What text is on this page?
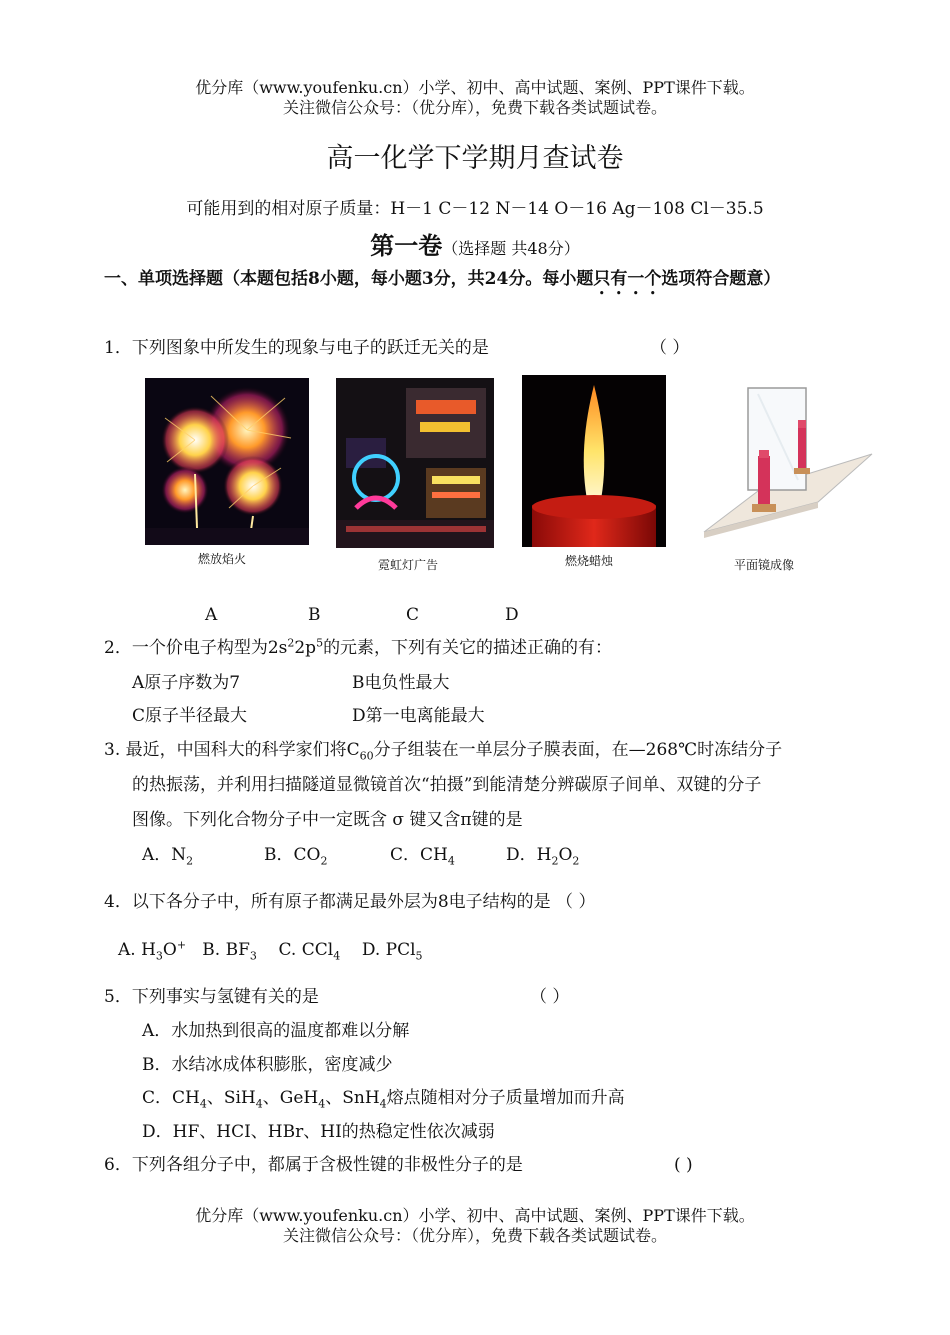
优分库（www.youfenku.cn）小学、初中、高中试题、案例、PPT课件下载。
关注微信公众号：（优分库），免费下载各类试题试卷。
高一化学下学期月查试卷
可能用到的相对原子质量：H－1 C－12 N－14 O－16 Ag－108 Cl－35.5
第一卷（选择题 共48分）
一、单项选择题（本题包括8小题，每小题3分，共24分。每小题只有一个选项符合题意）
1．下列图象中所发生的现象与电子的跃迁无关的是	（ ）
燃放焰火	霓虹灯广告	燃烧蜡烛	平面镜成像
A	B	C	D
2．一个价电子构型为$2s^22p^5$的元素，下列有关它的描述正确的有：
A原子序数为7	B电负性最大
C原子半径最大	D第一电离能最大
3. 最近，中国科大的科学家们将$C_{60}$分子组装在一单层分子膜表面，在—268℃时冻结分子
的热振荡，并利用扫描隧道显微镜首次“拍摄”到能清楚分辨碳原子间单、双键的分子
图像。下列化合物分子中一定既含 σ 键又含π键的是
A．$N_2$	B．$CO_2$	C．$CH_4$	D．$H_2O_2$
4．以下各分子中，所有原子都满足最外层为8电子结构的是 （ ）
A. $H_3O^+$ B. $BF_3$ C. CCl$_4$ D. PCl$_5$
5．下列事实与氢键有关的是	（ ）
A．水加热到很高的温度都难以分解
B．水结冰成体积膨胀，密度减少
C．$CH_4$、SiH$_4$、GeH$_4$、SnH$_4$熔点随相对分子质量增加而升高
D．HF、HCI、HBr、HI的热稳定性依次减弱
6．下列各组分子中，都属于含极性键的非极性分子的是	( )
优分库（www.youfenku.cn）小学、初中、高中试题、案例、PPT课件下载。
关注微信公众号：（优分库），免费下载各类试题试卷。
